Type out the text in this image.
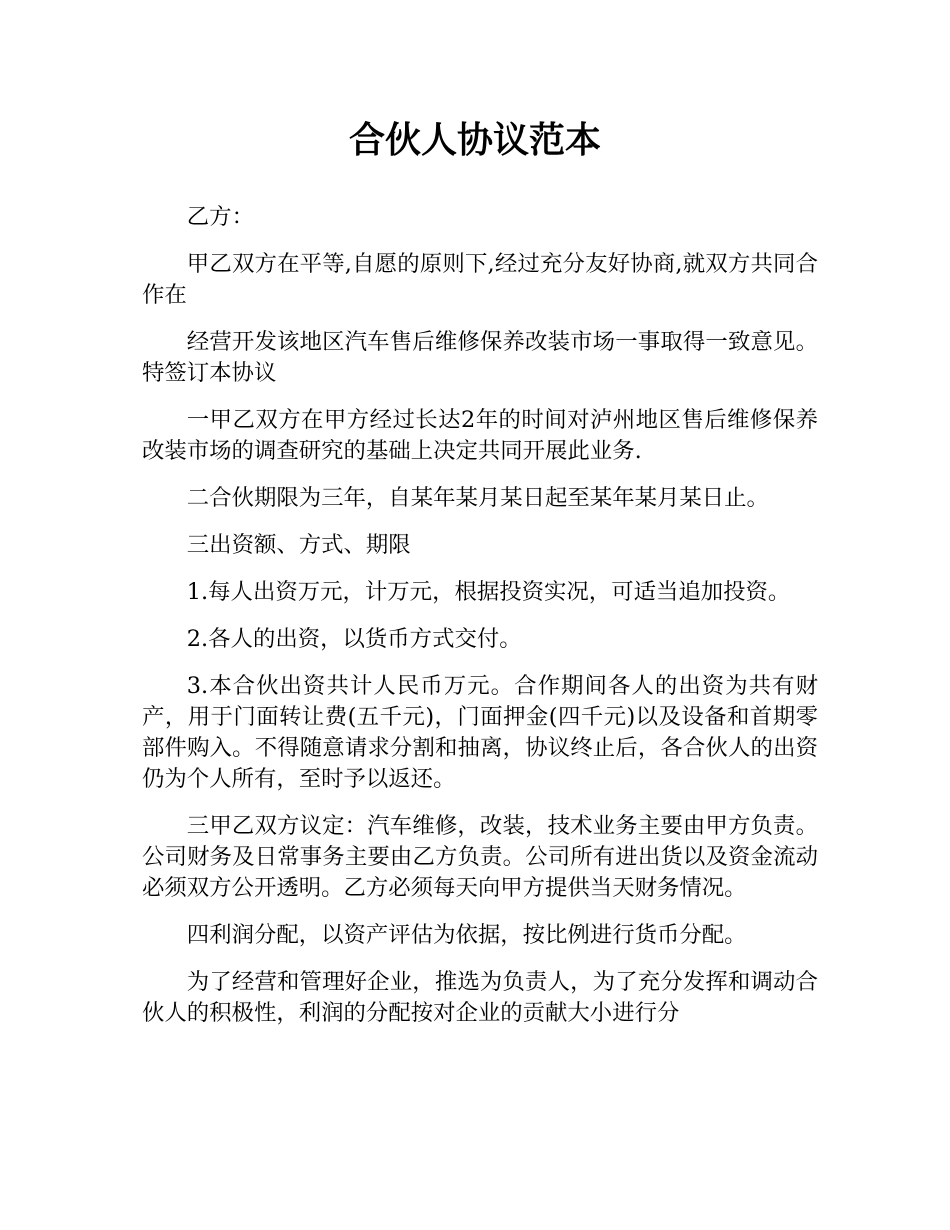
合伙人协议范本

乙方：

甲乙双方在平等,自愿的原则下,经过充分友好协商,就双方共同合作在

经营开发该地区汽车售后维修保养改装市场一事取得一致意见。特签订本协议

一甲乙双方在甲方经过长达2年的时间对泸州地区售后维修保养改装市场的调查研究的基础上决定共同开展此业务.

二合伙期限为三年，自某年某月某日起至某年某月某日止。

三出资额、方式、期限

1.每人出资万元，计万元，根据投资实况，可适当追加投资。

2.各人的出资，以货币方式交付。

3.本合伙出资共计人民币万元。合作期间各人的出资为共有财产，用于门面转让费(五千元)，门面押金(四千元)以及设备和首期零部件购入。不得随意请求分割和抽离，协议终止后，各合伙人的出资仍为个人所有，至时予以返还。

三甲乙双方议定：汽车维修，改装，技术业务主要由甲方负责。公司财务及日常事务主要由乙方负责。公司所有进出货以及资金流动必须双方公开透明。乙方必须每天向甲方提供当天财务情况。

四利润分配，以资产评估为依据，按比例进行货币分配。

为了经营和管理好企业，推选为负责人，为了充分发挥和调动合伙人的积极性，利润的分配按对企业的贡献大小进行分
